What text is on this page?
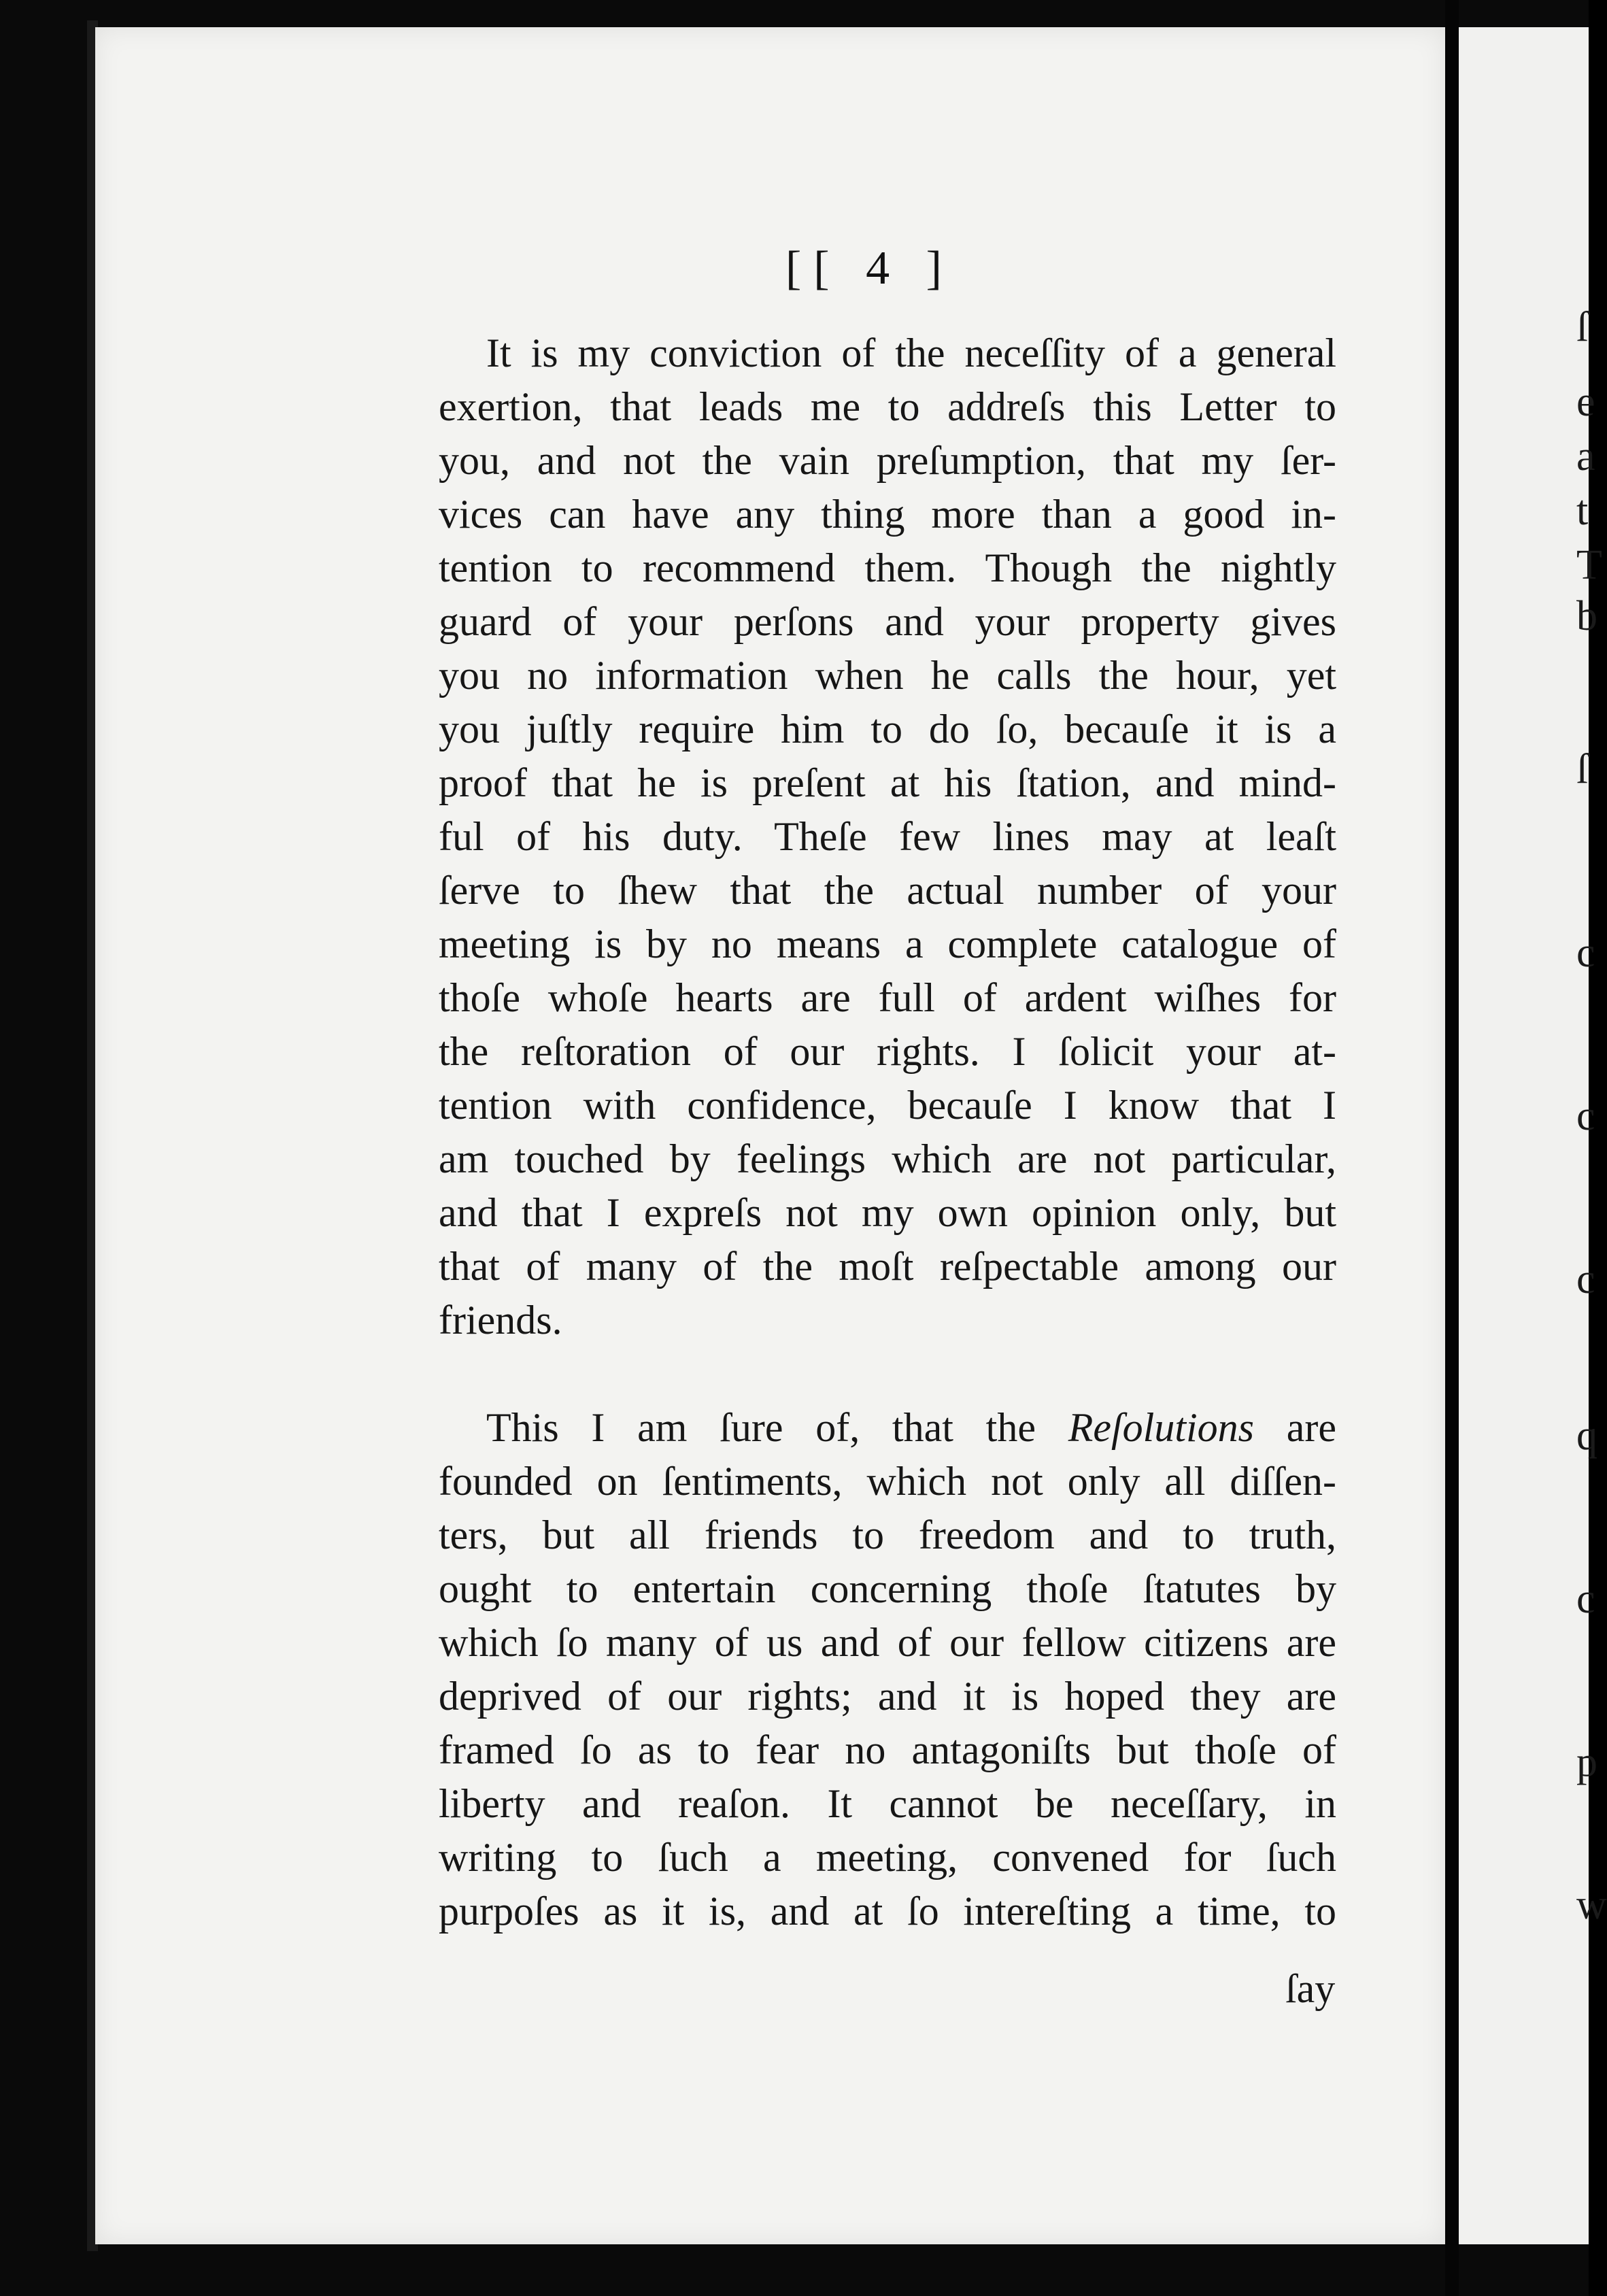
ſ
e
a
t
T
b
ſ
c
c
c
q
c
p
w
[[ 4 ]
It is my conviction of the neceſſity of a general
exertion, that leads me to addreſs this Letter to
you, and not the vain preſumption, that my ſer-
vices can have any thing more than a good in-
tention to recommend them. Though the nightly
guard of your perſons and your property gives
you no information when he calls the hour, yet
you juſtly require him to do ſo, becauſe it is a
proof that he is preſent at his ſtation, and mind-
ful of his duty. Theſe few lines may at leaſt
ſerve to ſhew that the actual number of your
meeting is by no means a complete catalogue of
thoſe whoſe hearts are full of ardent wiſhes for
the reſtoration of our rights. I ſolicit your at-
tention with confidence, becauſe I know that I
am touched by feelings which are not particular,
and that I expreſs not my own opinion only, but
that of many of the moſt reſpectable among our
friends.
This I am ſure of, that the Reſolutions are
founded on ſentiments, which not only all diſſen-
ters, but all friends to freedom and to truth,
ought to entertain concerning thoſe ſtatutes by
which ſo many of us and of our fellow citizens are
deprived of our rights; and it is hoped they are
framed ſo as to fear no antagoniſts but thoſe of
liberty and reaſon. It cannot be neceſſary, in
writing to ſuch a meeting, convened for ſuch
purpoſes as it is, and at ſo intereſting a time, to
ſay
